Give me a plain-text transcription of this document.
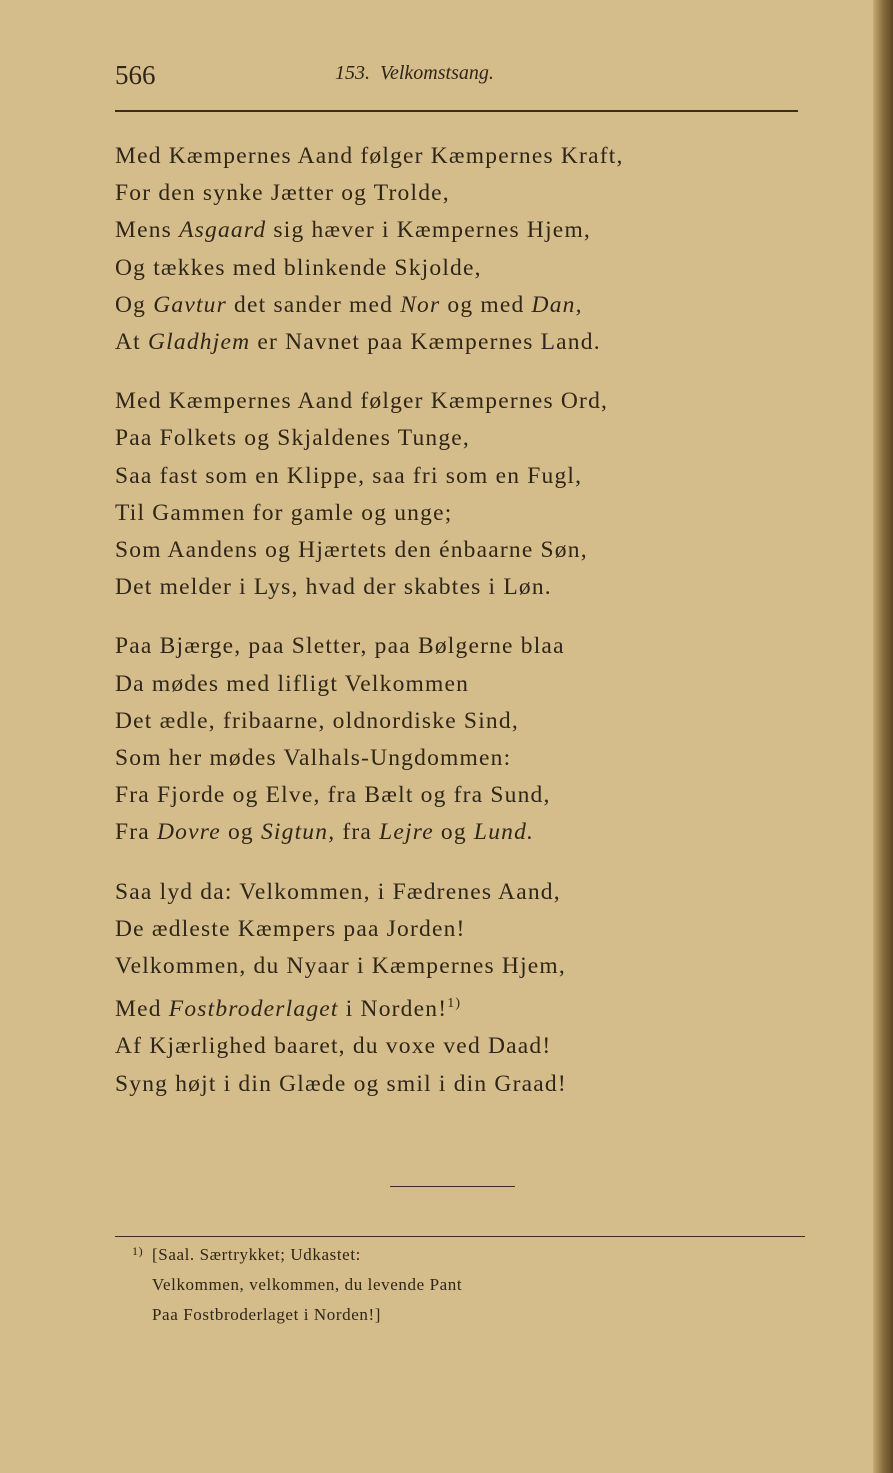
566	153. Velkomstsang.
Med Kæmpernes Aand følger Kæmpernes Kraft,
For den synke Jætter og Trolde,
Mens Asgaard sig hæver i Kæmpernes Hjem,
Og tækkes med blinkende Skjolde,
Og Gavtur det sander med Nor og med Dan,
At Gladhjem er Navnet paa Kæmpernes Land.
Med Kæmpernes Aand følger Kæmpernes Ord,
Paa Folkets og Skjaldenes Tunge,
Saa fast som en Klippe, saa fri som en Fugl,
Til Gammen for gamle og unge;
Som Aandens og Hjærtets den énbaarne Søn,
Det melder i Lys, hvad der skabtes i Løn.
Paa Bjærge, paa Sletter, paa Bølgerne blaa
Da mødes med lifligt Velkommen
Det ædle, fribaarne, oldnordiske Sind,
Som her mødes Valhals-Ungdommen:
Fra Fjorde og Elve, fra Bælt og fra Sund,
Fra Dovre og Sigtun, fra Lejre og Lund.
Saa lyd da: Velkommen, i Fædrenes Aand,
De ædleste Kæmpers paa Jorden!
Velkommen, du Nyaar i Kæmpernes Hjem,
Med Fostbroderlaget i Norden!$^{1)}$
Af Kjærlighed baaret, du voxe ved Daad!
Syng højt i din Glæde og smil i din Graad!
1) [Saal. Særtrykket; Udkastet:
Velkommen, velkommen, du levende Pant
Paa Fostbroderlaget i Norden!]
